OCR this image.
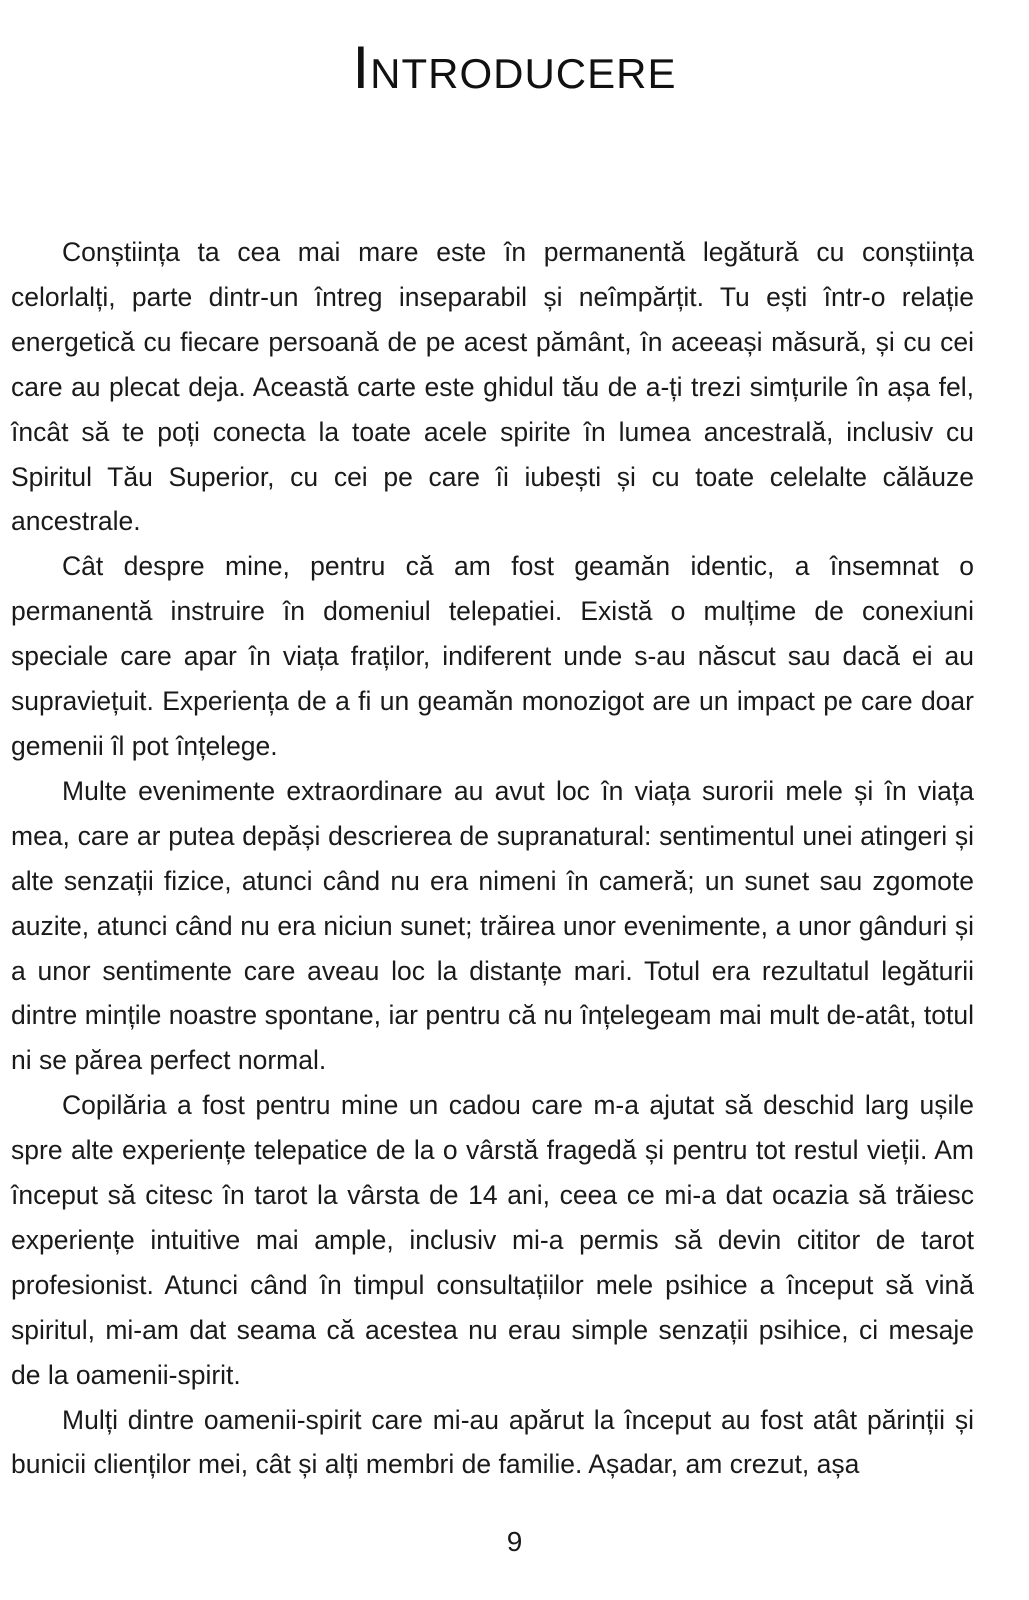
Introducere

Conștiința ta cea mai mare este în permanentă legătură cu conștiința celorlalți, parte dintr-un întreg inseparabil și neîmpărțit. Tu ești într-o relație energetică cu fiecare persoană de pe acest pământ, în aceeași măsură, și cu cei care au plecat deja. Această carte este ghidul tău de a-ți trezi simțurile în așa fel, încât să te poți conecta la toate acele spirite în lumea ancestrală, inclusiv cu Spiritul Tău Superior, cu cei pe care îi iubești și cu toate celelalte călăuze ancestrale.

Cât despre mine, pentru că am fost geamăn identic, a însemnat o permanentă instruire în domeniul telepatiei. Există o mulțime de conexiuni speciale care apar în viața fraților, indiferent unde s-au născut sau dacă ei au supraviețuit. Experiența de a fi un geamăn monozigot are un impact pe care doar gemenii îl pot înțelege.

Multe evenimente extraordinare au avut loc în viața surorii mele și în viața mea, care ar putea depăși descrierea de supranatural: sentimentul unei atingeri și alte senzații fizice, atunci când nu era nimeni în cameră; un sunet sau zgomote auzite, atunci când nu era niciun sunet; trăirea unor evenimente, a unor gânduri și a unor sentimente care aveau loc la distanțe mari. Totul era rezultatul legăturii dintre mințile noastre spontane, iar pentru că nu înțelegeam mai mult de-atât, totul ni se părea perfect normal.

Copilăria a fost pentru mine un cadou care m-a ajutat să deschid larg ușile spre alte experiențe telepatice de la o vârstă fragedă și pentru tot restul vieții. Am început să citesc în tarot la vârsta de 14 ani, ceea ce mi-a dat ocazia să trăiesc experiențe intuitive mai ample, inclusiv mi-a permis să devin cititor de tarot profesionist. Atunci când în timpul consultațiilor mele psihice a început să vină spiritul, mi-am dat seama că acestea nu erau simple senzații psihice, ci mesaje de la oamenii-spirit.

Mulți dintre oamenii-spirit care mi-au apărut la început au fost atât părinții și bunicii clienților mei, cât și alți membri de familie. Așadar, am crezut, așa

9
